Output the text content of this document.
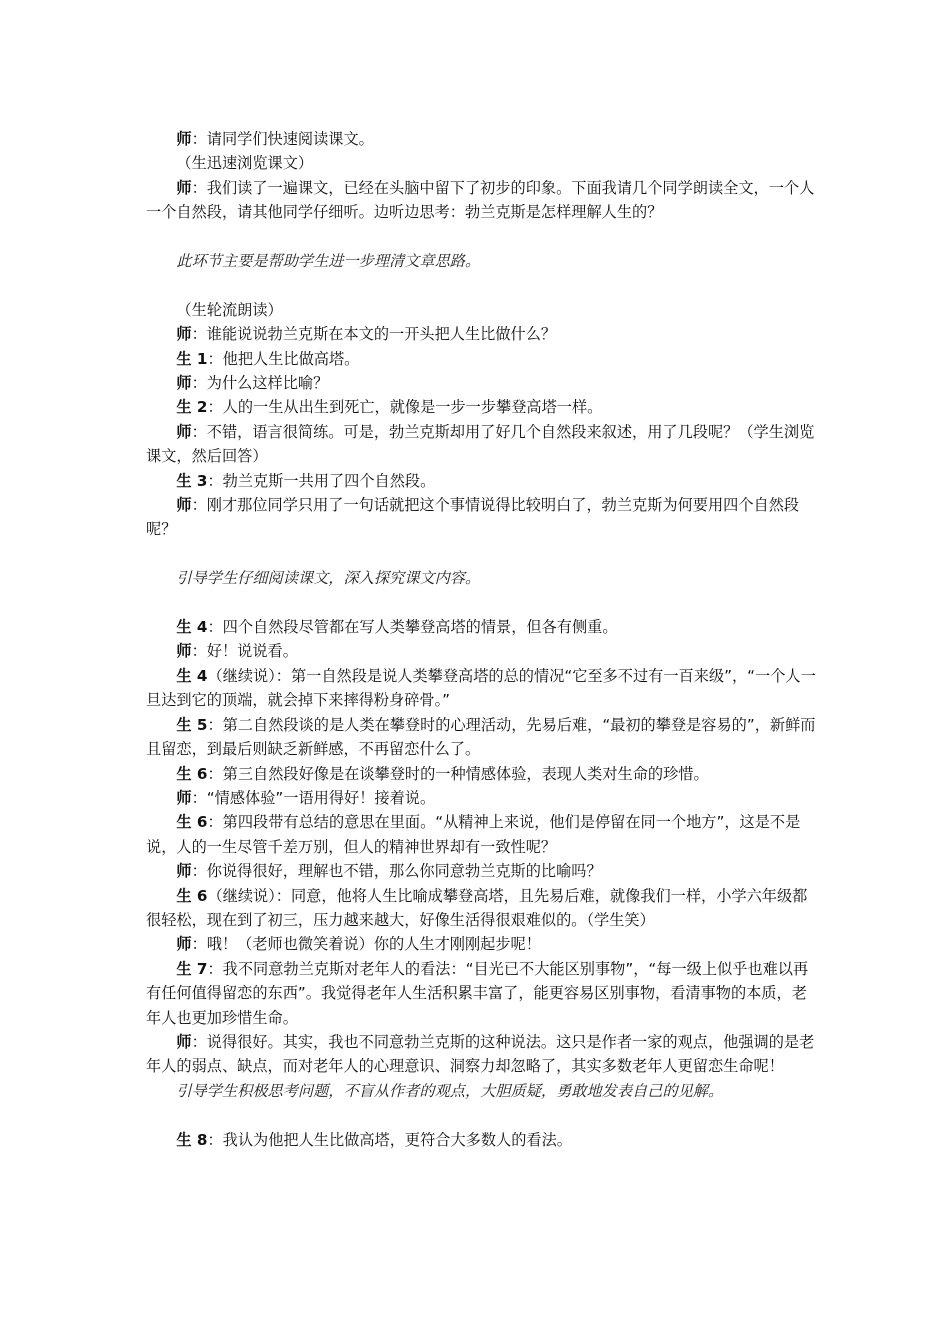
师：请同学们快速阅读课文。

（生迅速浏览课文）

师：我们读了一遍课文，已经在头脑中留下了初步的印象。下面我请几个同学朗读全文，一个人一个自然段，请其他同学仔细听。边听边思考：勃兰克斯是怎样理解人生的？

此环节主要是帮助学生进一步理清文章思路。

（生轮流朗读）

师：谁能说说勃兰克斯在本文的一开头把人生比做什么？

生 1：他把人生比做高塔。

师：为什么这样比喻？

生 2：人的一生从出生到死亡，就像是一步一步攀登高塔一样。

师：不错，语言很简练。可是，勃兰克斯却用了好几个自然段来叙述，用了几段呢？（学生浏览课文，然后回答）

生 3：勃兰克斯一共用了四个自然段。

师：刚才那位同学只用了一句话就把这个事情说得比较明白了，勃兰克斯为何要用四个自然段呢？

引导学生仔细阅读课文，深入探究课文内容。

生 4：四个自然段尽管都在写人类攀登高塔的情景，但各有侧重。

师：好！说说看。

生 4（继续说）：第一自然段是说人类攀登高塔的总的情况“它至多不过有一百来级”，“一个人一旦达到它的顶端，就会掉下来摔得粉身碎骨。”

生 5：第二自然段谈的是人类在攀登时的心理活动，先易后难，“最初的攀登是容易的”，新鲜而且留恋，到最后则缺乏新鲜感，不再留恋什么了。

生 6：第三自然段好像是在谈攀登时的一种情感体验，表现人类对生命的珍惜。

师：“情感体验”一语用得好！接着说。

生 6：第四段带有总结的意思在里面。“从精神上来说，他们是停留在同一个地方”，这是不是说，人的一生尽管千差万别，但人的精神世界却有一致性呢？

师：你说得很好，理解也不错，那么你同意勃兰克斯的比喻吗？

生 6（继续说）：同意，他将人生比喻成攀登高塔，且先易后难，就像我们一样，小学六年级都很轻松，现在到了初三，压力越来越大，好像生活得很艰难似的。（学生笑）

师：哦！（老师也微笑着说）你的人生才刚刚起步呢！

生 7：我不同意勃兰克斯对老年人的看法：“目光已不大能区别事物”，“每一级上似乎也难以再有任何值得留恋的东西”。我觉得老年人生活积累丰富了，能更容易区别事物，看清事物的本质，老年人也更加珍惜生命。

师：说得很好。其实，我也不同意勃兰克斯的这种说法。这只是作者一家的观点，他强调的是老年人的弱点、缺点，而对老年人的心理意识、洞察力却忽略了，其实多数老年人更留恋生命呢！

引导学生积极思考问题，不盲从作者的观点，大胆质疑，勇敢地发表自己的见解。

生 8：我认为他把人生比做高塔，更符合大多数人的看法。
